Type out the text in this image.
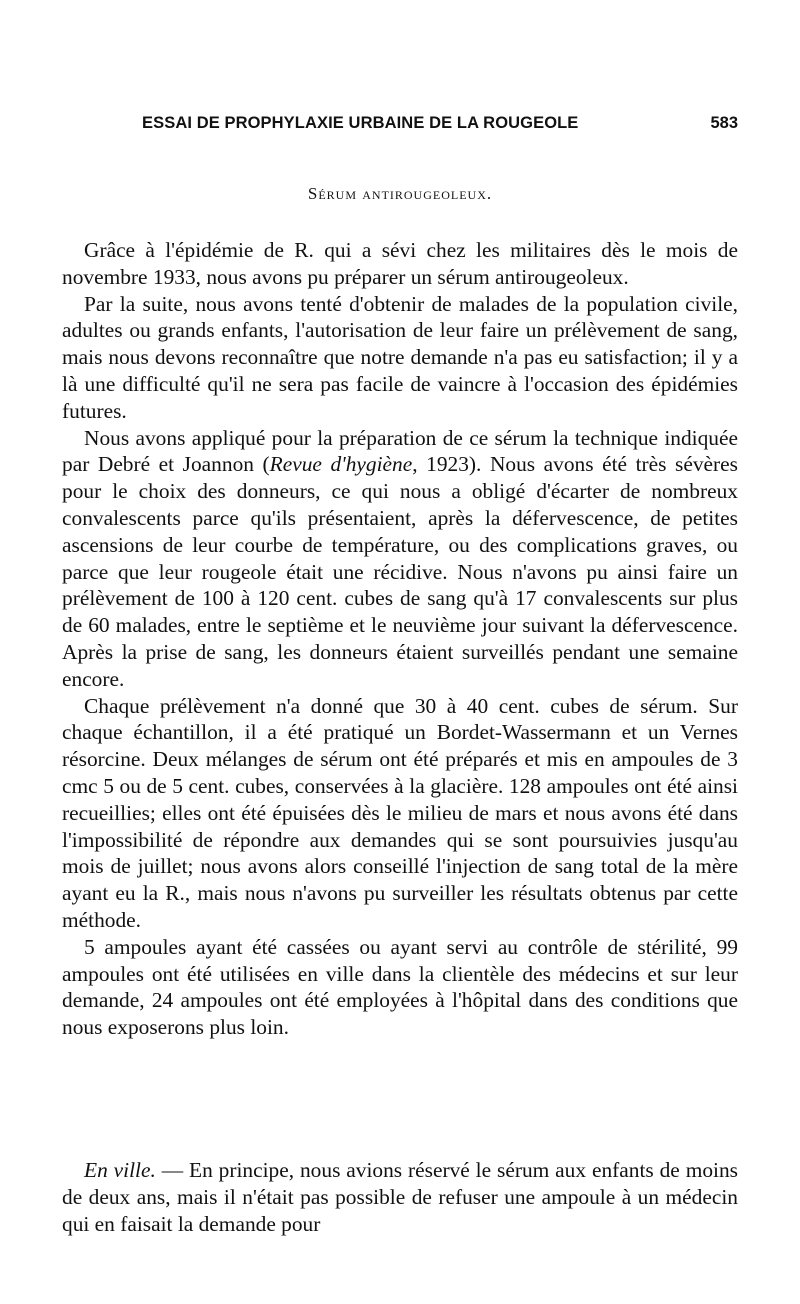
ESSAI DE PROPHYLAXIE URBAINE DE LA ROUGEOLE	583
Sérum antirougeoleux.

Grâce à l'épidémie de R. qui a sévi chez les militaires dès le mois de novembre 1933, nous avons pu préparer un sérum antirougeoleux.

Par la suite, nous avons tenté d'obtenir de malades de la population civile, adultes ou grands enfants, l'autorisation de leur faire un prélèvement de sang, mais nous devons reconnaître que notre demande n'a pas eu satisfaction; il y a là une difficulté qu'il ne sera pas facile de vaincre à l'occasion des épidémies futures.

Nous avons appliqué pour la préparation de ce sérum la technique indiquée par Debré et Joannon (Revue d'hygiène, 1923). Nous avons été très sévères pour le choix des donneurs, ce qui nous a obligé d'écarter de nombreux convalescents parce qu'ils présentaient, après la défervescence, de petites ascensions de leur courbe de température, ou des complications graves, ou parce que leur rougeole était une récidive. Nous n'avons pu ainsi faire un prélèvement de 100 à 120 cent. cubes de sang qu'à 17 convalescents sur plus de 60 malades, entre le septième et le neuvième jour suivant la défervescence. Après la prise de sang, les donneurs étaient surveillés pendant une semaine encore.

Chaque prélèvement n'a donné que 30 à 40 cent. cubes de sérum. Sur chaque échantillon, il a été pratiqué un Bordet-Wassermann et un Vernes résorcine. Deux mélanges de sérum ont été préparés et mis en ampoules de 3 cmc 5 ou de 5 cent. cubes, conservées à la glacière. 128 ampoules ont été ainsi recueillies; elles ont été épuisées dès le milieu de mars et nous avons été dans l'impossibilité de répondre aux demandes qui se sont poursuivies jusqu'au mois de juillet; nous avons alors conseillé l'injection de sang total de la mère ayant eu la R., mais nous n'avons pu surveiller les résultats obtenus par cette méthode.

5 ampoules ayant été cassées ou ayant servi au contrôle de stérilité, 99 ampoules ont été utilisées en ville dans la clientèle des médecins et sur leur demande, 24 ampoules ont été employées à l'hôpital dans des conditions que nous exposerons plus loin.

En ville. — En principe, nous avions réservé le sérum aux enfants de moins de deux ans, mais il n'était pas possible de refuser une ampoule à un médecin qui en faisait la demande pour
